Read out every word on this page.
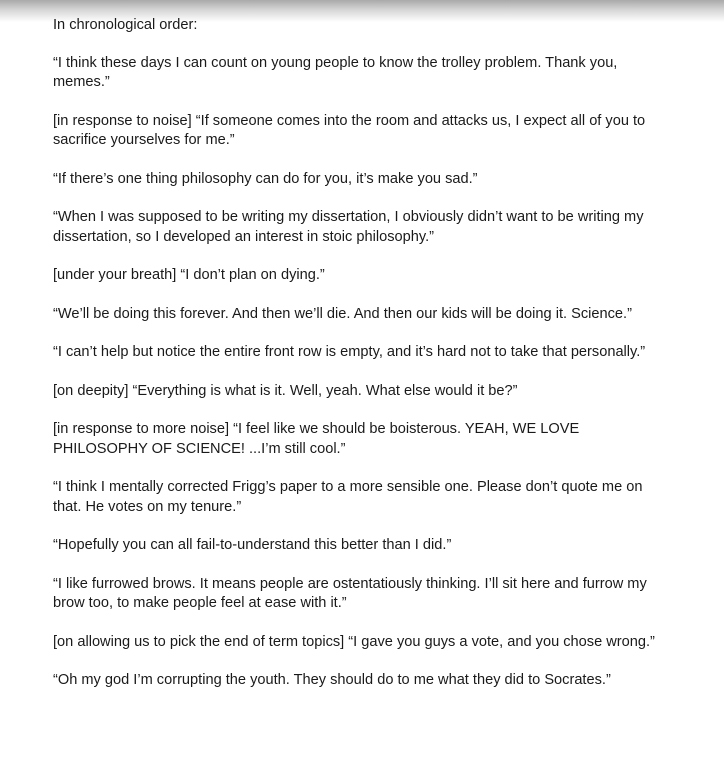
In chronological order:

“I think these days I can count on young people to know the trolley problem. Thank you, memes.”

[in response to noise] “If someone comes into the room and attacks us, I expect all of you to sacrifice yourselves for me.”

“If there’s one thing philosophy can do for you, it’s make you sad.”

“When I was supposed to be writing my dissertation, I obviously didn’t want to be writing my dissertation, so I developed an interest in stoic philosophy.”

[under your breath] “I don’t plan on dying.”

“We’ll be doing this forever. And then we’ll die. And then our kids will be doing it. Science.”

“I can’t help but notice the entire front row is empty, and it’s hard not to take that personally.”

[on deepity] “Everything is what is it. Well, yeah. What else would it be?”

[in response to more noise] “I feel like we should be boisterous. YEAH, WE LOVE PHILOSOPHY OF SCIENCE! ...I’m still cool.”

“I think I mentally corrected Frigg’s paper to a more sensible one. Please don’t quote me on that. He votes on my tenure.”

“Hopefully you can all fail-to-understand this better than I did.”

“I like furrowed brows. It means people are ostentatiously thinking. I’ll sit here and furrow my brow too, to make people feel at ease with it.”

[on allowing us to pick the end of term topics] “I gave you guys a vote, and you chose wrong.”

“Oh my god I’m corrupting the youth. They should do to me what they did to Socrates.”
